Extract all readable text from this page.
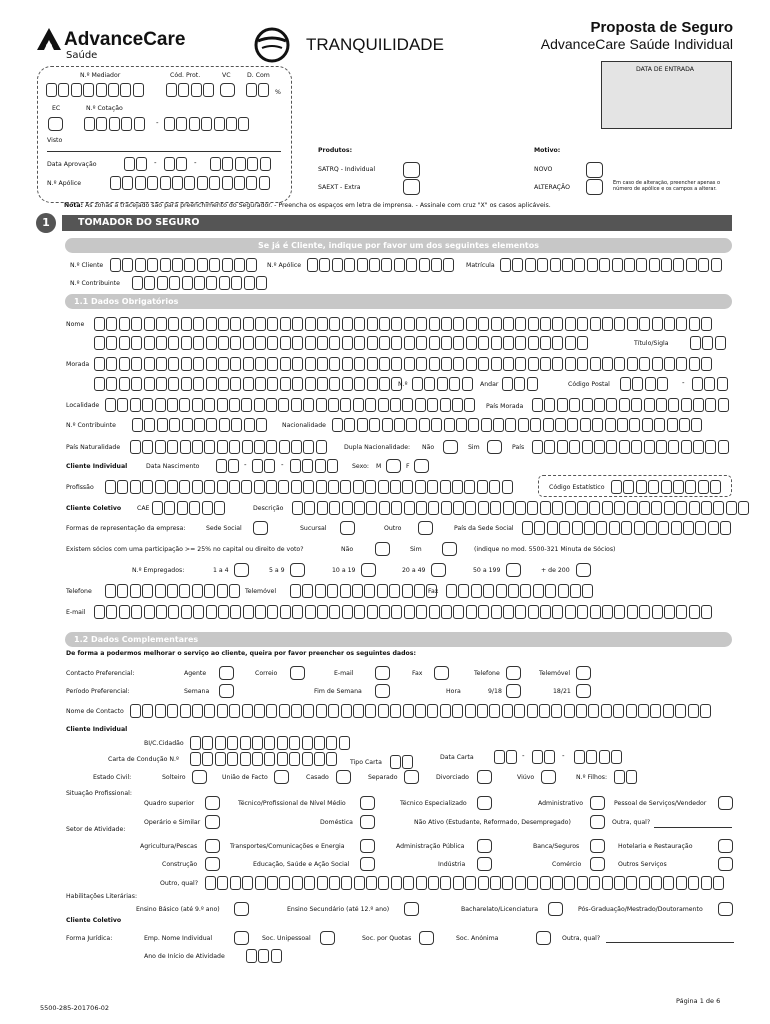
AdvanceCare
Saúde
TRANQUILIDADE
Proposta de Seguro
AdvanceCare Saúde Individual
DATA DE ENTRADA
N.º Mediador	Cód. Prot.	VC	D. Com
%
EC	N.º Cotação
-
Visto
Data Aprovação	-	-
N.º Apólice
Produtos:
SATRQ - Individual
SAEXT - Extra
Motivo:
NOVO
ALTERAÇÃO
Em caso de alteração, preencher apenas o número de apólice e os campos a alterar.
Nota: As zonas a tracejado são para preenchimento do Segurador. - Preencha os espaços em letra de imprensa. - Assinale com cruz "X" os casos aplicáveis.
1	TOMADOR DO SEGURO
Se já é Cliente, indique por favor um dos seguintes elementos
N.º Cliente	N.º Apólice	Matrícula
N.º Contribuinte
1.1 Dados Obrigatórios
Nome
Título/Sigla
Morada
N.º	Andar	Código Postal	-
Localidade	País Morada
N.º Contribuinte	Nacionalidade
País Naturalidade	Dupla Nacionalidade: Não	Sim	País
Cliente Individual	Data Nascimento	-	-	Sexo: M	F
Profissão	Código Estatístico
Cliente Coletivo	CAE	Descrição
Formas de representação da empresa:	Sede Social	Sucursal	Outro	País da Sede Social
Existem sócios com uma participação >= 25% no capital ou direito de voto?	Não	Sim	(indique no mod. 5500-321 Minuta de Sócios)
N.º Empregados:	1 a 4	5 a 9	10 a 19	20 a 49	50 a 199	+ de 200
Telefone	Telemóvel	Fax
E-mail
1.2 Dados Complementares
De forma a podermos melhorar o serviço ao cliente, queira por favor preencher os seguintes dados:
Contacto Preferencial:	Agente	Correio	E-mail	Fax	Telefone	Telemóvel
Período Preferencial:	Semana	Fim de Semana	Hora	9/18	18/21
Nome de Contacto
Cliente Individual
BI/C.Cidadão
Carta de Condução N.º	Tipo Carta
Data Carta	-	-
Estado Civil:	Solteiro	União de Facto	Casado	Separado	Divorciado	Viúvo	N.º Filhos:
Situação Profissional:
Quadro superior	Técnico/Profissional de Nível Médio	Técnico Especializado	Administrativo	Pessoal de Serviços/Vendedor
Setor de Atividade:
Operário e Similar	Doméstica	Não Ativo (Estudante, Reformado, Desempregado)	Outra, qual?
Agricultura/Pescas	Transportes/Comunicações e Energia	Administração Pública	Banca/Seguros	Hotelaria e Restauração
Construção	Educação, Saúde e Ação Social	Indústria	Comércio	Outros Serviços
Outro, qual?
Habilitações Literárias:
Ensino Básico (até 9.º ano)	Ensino Secundário (até 12.º ano)	Bacharelato/Licenciatura	Pós-Graduação/Mestrado/Doutoramento
Cliente Coletivo
Forma Jurídica:	Emp. Nome Individual	Soc. Unipessoal	Soc. por Quotas	Soc. Anónima	Outra, qual?
Ano de Início de Atividade
5500-285-201706-02
Página 1 de 6
